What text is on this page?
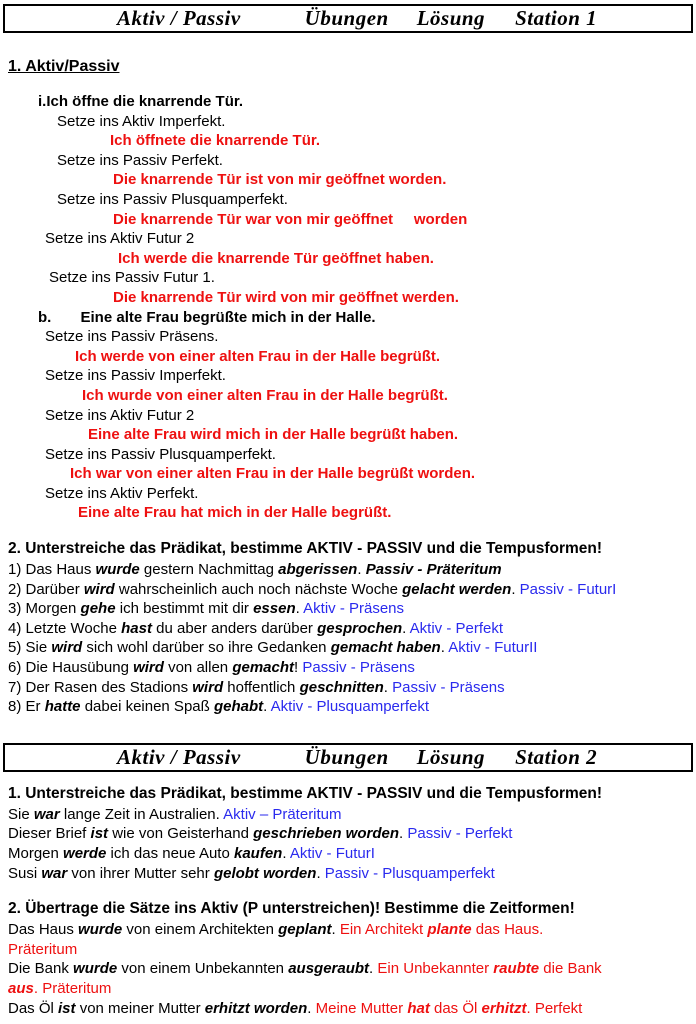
Aktiv / Passiv	Übungen Lösung Station 1
1. Aktiv/Passiv
i.Ich öffne die knarrende Tür.
Setze ins Aktiv Imperfekt.
Ich öffnete die knarrende Tür.
Setze ins Passiv Perfekt.
Die knarrende Tür ist von mir geöffnet worden.
Setze ins Passiv Plusquamperfekt.
Die knarrende Tür war von mir geöffnet     worden
Setze ins Aktiv Futur 2
Ich werde die knarrende Tür geöffnet haben.
Setze ins Passiv Futur 1.
Die knarrende Tür wird von mir geöffnet werden.
b.       Eine alte Frau begrüßte mich in der Halle.
Setze ins Passiv Präsens.
Ich werde von einer alten Frau in der Halle begrüßt.
Setze ins Passiv Imperfekt.
Ich wurde von einer alten Frau in der Halle begrüßt.
Setze ins Aktiv Futur 2
Eine alte Frau wird mich in der Halle begrüßt haben.
Setze ins Passiv Plusquamperfekt.
Ich war von einer alten Frau in der Halle begrüßt worden.
Setze ins Aktiv Perfekt.
Eine alte Frau hat mich in der Halle begrüßt.
2. Unterstreiche das Prädikat, bestimme AKTIV - PASSIV und die Tempusformen!
1) Das Haus wurde gestern Nachmittag abgerissen. Passiv - Präteritum
2) Darüber wird wahrscheinlich auch noch nächste Woche gelacht werden. Passiv - FuturI
3) Morgen gehe ich bestimmt mit dir essen. Aktiv - Präsens
4) Letzte Woche hast du aber anders darüber gesprochen. Aktiv - Perfekt
5) Sie wird sich wohl darüber so ihre Gedanken gemacht haben. Aktiv - FuturII
6) Die Hausübung wird von allen gemacht! Passiv - Präsens
7) Der Rasen des Stadions wird hoffentlich geschnitten. Passiv - Präsens
8) Er hatte dabei keinen Spaß gehabt. Aktiv - Plusquamperfekt
Aktiv / Passiv	Übungen Lösung Station 2
1. Unterstreiche das Prädikat, bestimme AKTIV - PASSIV und die Tempusformen!
Sie war lange Zeit in Australien. Aktiv – Präteritum
Dieser Brief ist wie von Geisterhand geschrieben worden. Passiv - Perfekt
Morgen werde ich das neue Auto kaufen. Aktiv - FuturI
Susi war von ihrer Mutter sehr gelobt worden. Passiv - Plusquamperfekt
2. Übertrage die Sätze ins Aktiv (P unterstreichen)! Bestimme die Zeitformen!
Das Haus wurde von einem Architekten geplant. Ein Architekt plante das Haus.
Präteritum
Die Bank wurde von einem Unbekannten ausgeraubt. Ein Unbekannter raubte die Bank
aus. Präteritum
Das Öl ist von meiner Mutter erhitzt worden. Meine Mutter hat das Öl erhitzt. Perfekt
